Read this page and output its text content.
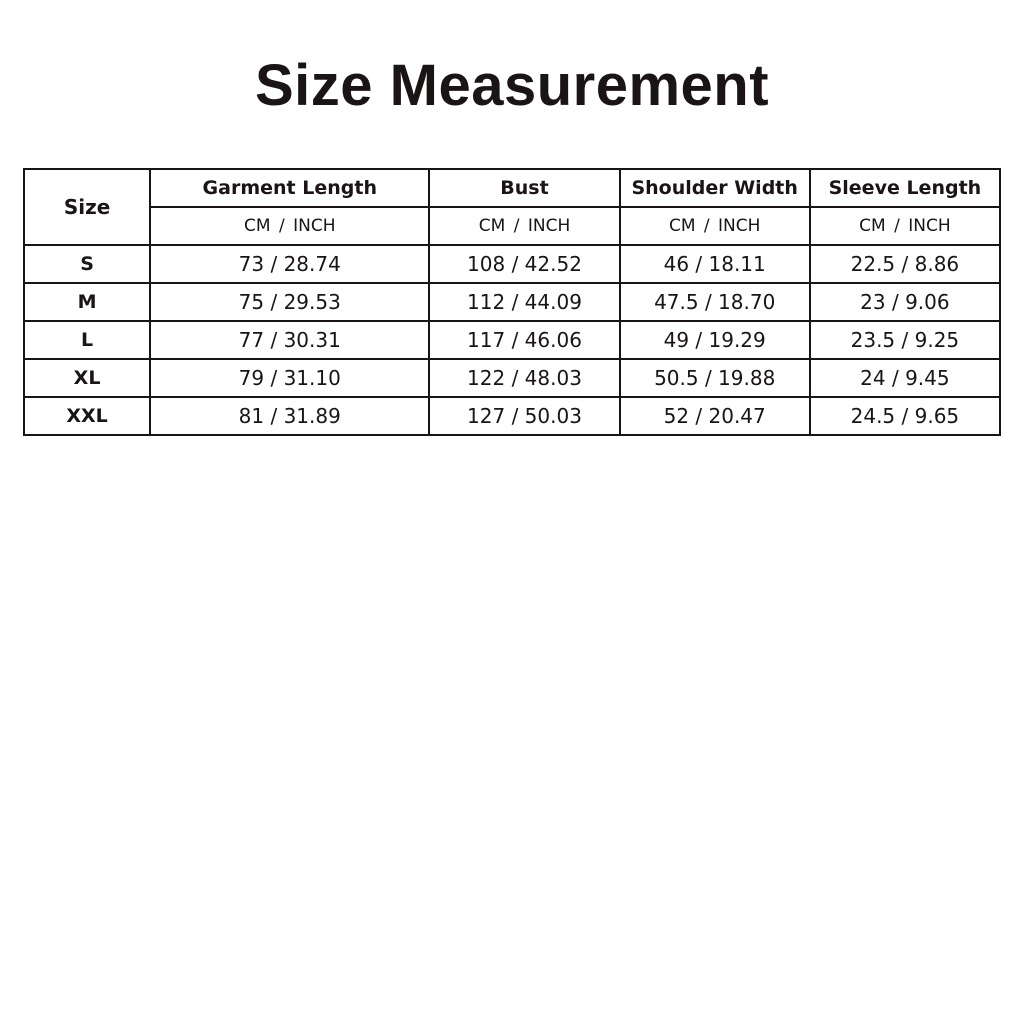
Size Measurement
Size	Garment Length	Bust	Shoulder Width	Sleeve Length
	CM / INCH	CM / INCH	CM / INCH	CM / INCH
S	73 / 28.74	108 / 42.52	46 / 18.11	22.5 / 8.86
M	75 / 29.53	112 / 44.09	47.5 / 18.70	23 / 9.06
L	77 / 30.31	117 / 46.06	49 / 19.29	23.5 / 9.25
XL	79 / 31.10	122 / 48.03	50.5 / 19.88	24 / 9.45
XXL	81 / 31.89	127 / 50.03	52 / 20.47	24.5 / 9.65
